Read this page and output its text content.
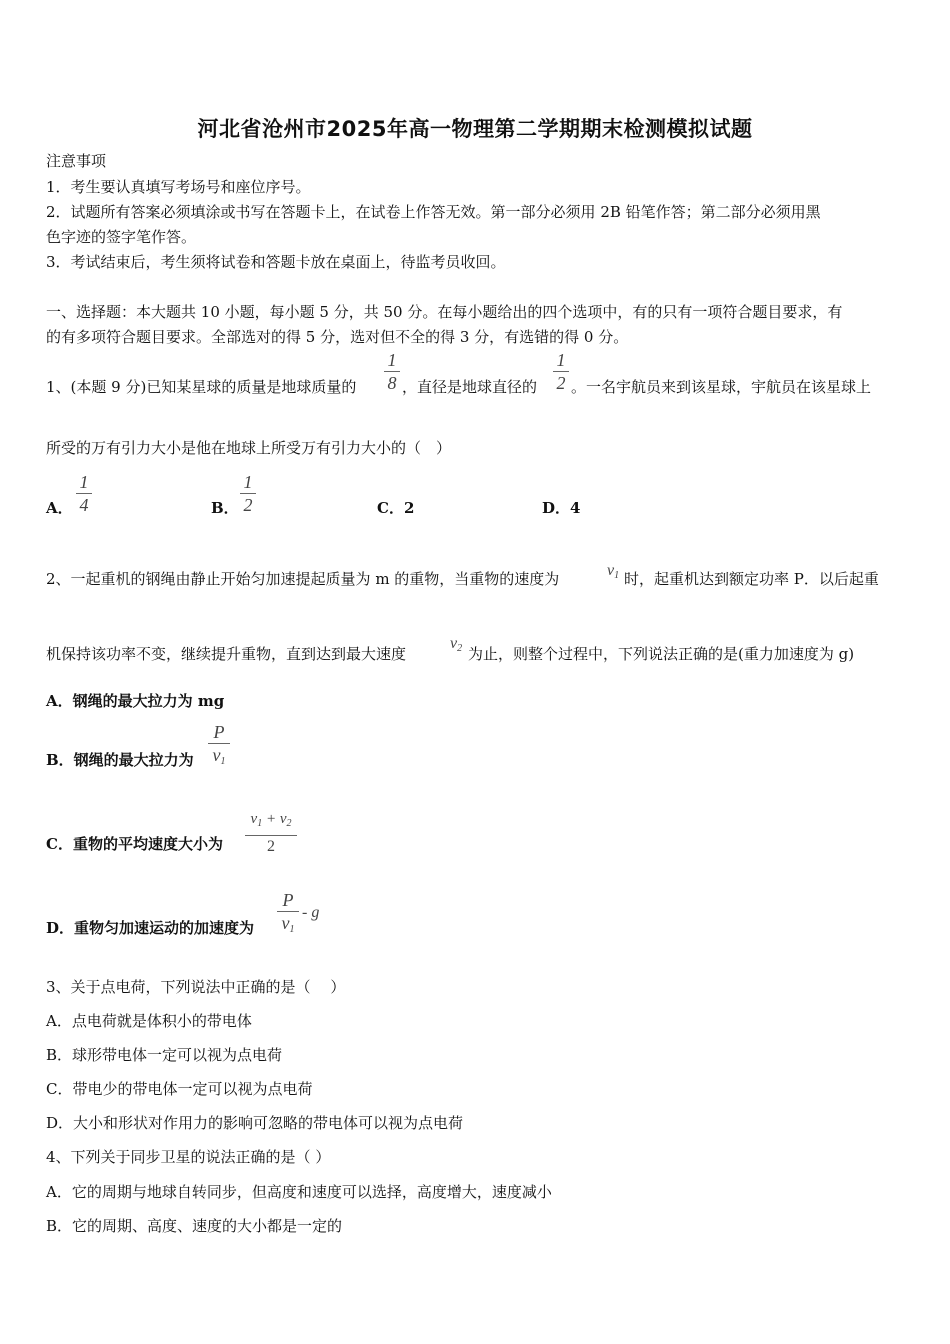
河北省沧州市2025年高一物理第二学期期末检测模拟试题
注意事项
1．考生要认真填写考场号和座位序号。
2．试题所有答案必须填涂或书写在答题卡上，在试卷上作答无效。第一部分必须用 2B 铅笔作答；第二部分必须用黑
色字迹的签字笔作答。
3．考试结束后，考生须将试卷和答题卡放在桌面上，待监考员收回。
一、选择题：本大题共 10 小题，每小题 5 分，共 50 分。在每小题给出的四个选项中，有的只有一项符合题目要求，有
的有多项符合题目要求。全部选对的得 5 分，选对但不全的得 3 分，有选错的得 0 分。
1、(本题 9 分)已知某星球的质量是地球质量的
1
8 ，直径是地球直径的
1
2 。一名宇航员来到该星球，宇航员在该星球上
所受的万有引力大小是他在地球上所受万有引力大小的（　）
A．
1
4	B．
1
2	C．2	D．4
2、一起重机的钢绳由静止开始匀加速提起质量为 m 的重物，当重物的速度为	$v_1$ 时，起重机达到额定功率 P．以后起重
机保持该功率不变，继续提升重物，直到达到最大速度
$v_2$ 为止，则整个过程中，下列说法正确的是(重力加速度为 g)
A．钢绳的最大拉力为 mg
B．钢绳的最大拉力为
P
$v_1$
C．重物的平均速度大小为
$v_1 + v_2$
2
D．重物匀加速运动的加速度为
P
$v_1$
- g
3、关于点电荷，下列说法中正确的是（　 ）
A．点电荷就是体积小的带电体
B．球形带电体一定可以视为点电荷
C．带电少的带电体一定可以视为点电荷
D．大小和形状对作用力的影响可忽略的带电体可以视为点电荷
4、下列关于同步卫星的说法正确的是（ ）
A．它的周期与地球自转同步，但高度和速度可以选择，高度增大，速度减小
B．它的周期、高度、速度的大小都是一定的
